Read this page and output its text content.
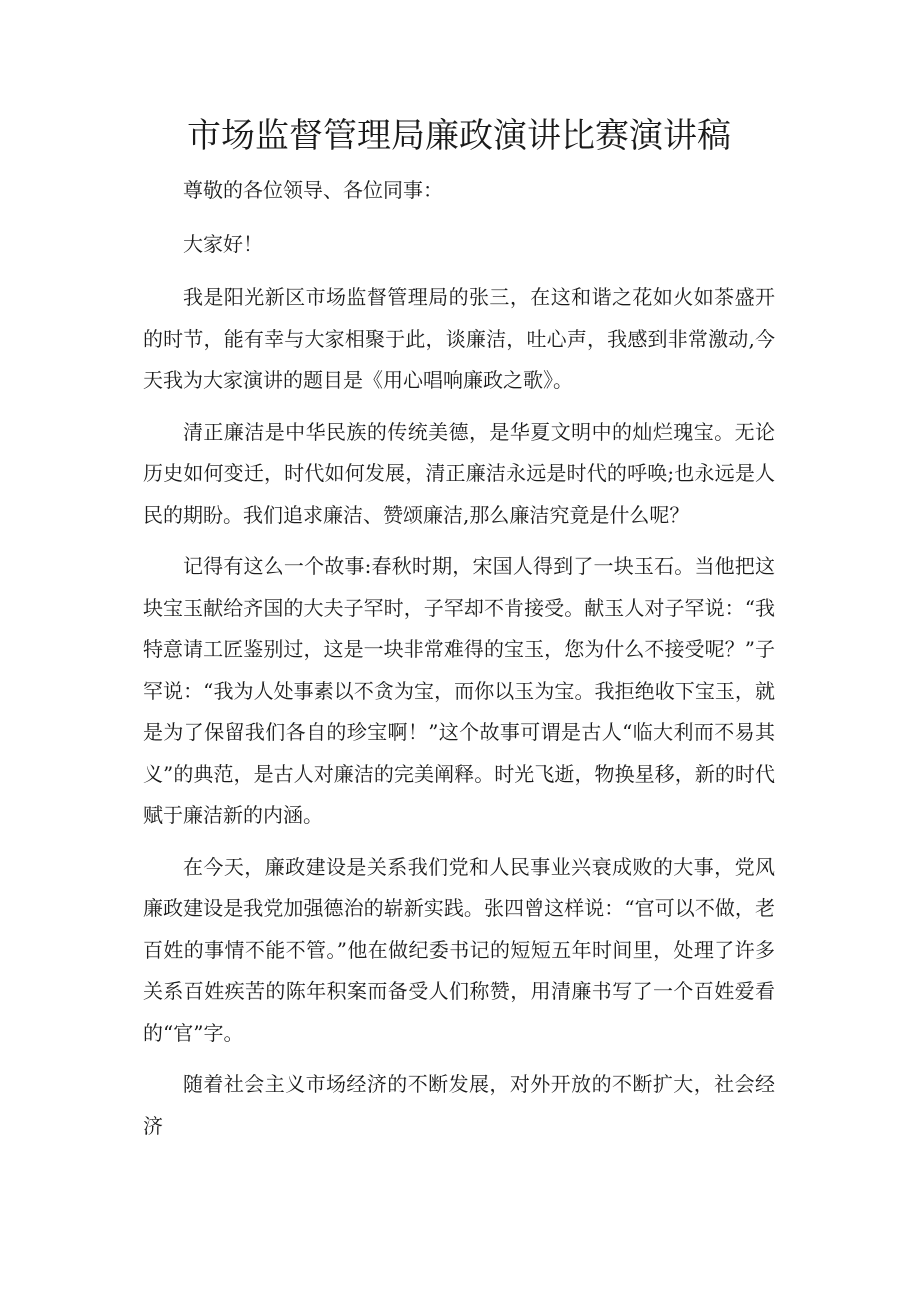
市场监督管理局廉政演讲比赛演讲稿

尊敬的各位领导、各位同事：

大家好！

我是阳光新区市场监督管理局的张三，在这和谐之花如火如茶盛开的时节，能有幸与大家相聚于此，谈廉洁，吐心声，我感到非常激动,今天我为大家演讲的题目是《用心唱响廉政之歌》。

清正廉洁是中华民族的传统美德，是华夏文明中的灿烂瑰宝。无论历史如何变迁，时代如何发展，清正廉洁永远是时代的呼唤;也永远是人民的期盼。我们追求廉洁、赞颂廉洁,那么廉洁究竟是什么呢？

记得有这么一个故事:春秋时期，宋国人得到了一块玉石。当他把这块宝玉献给齐国的大夫子罕时，子罕却不肯接受。献玉人对子罕说：“我特意请工匠鉴别过，这是一块非常难得的宝玉，您为什么不接受呢？”子罕说：“我为人处事素以不贪为宝，而你以玉为宝。我拒绝收下宝玉，就是为了保留我们各自的珍宝啊！”这个故事可谓是古人“临大利而不易其义”的典范，是古人对廉洁的完美阐释。时光飞逝，物换星移，新的时代赋于廉洁新的内涵。

在今天，廉政建设是关系我们党和人民事业兴衰成败的大事，党风廉政建设是我党加强德治的崭新实践。张四曾这样说：“官可以不做，老百姓的事情不能不管。”他在做纪委书记的短短五年时间里，处理了许多关系百姓疾苦的陈年积案而备受人们称赞，用清廉书写了一个百姓爱看的“官”字。

随着社会主义市场经济的不断发展，对外开放的不断扩大，社会经济
